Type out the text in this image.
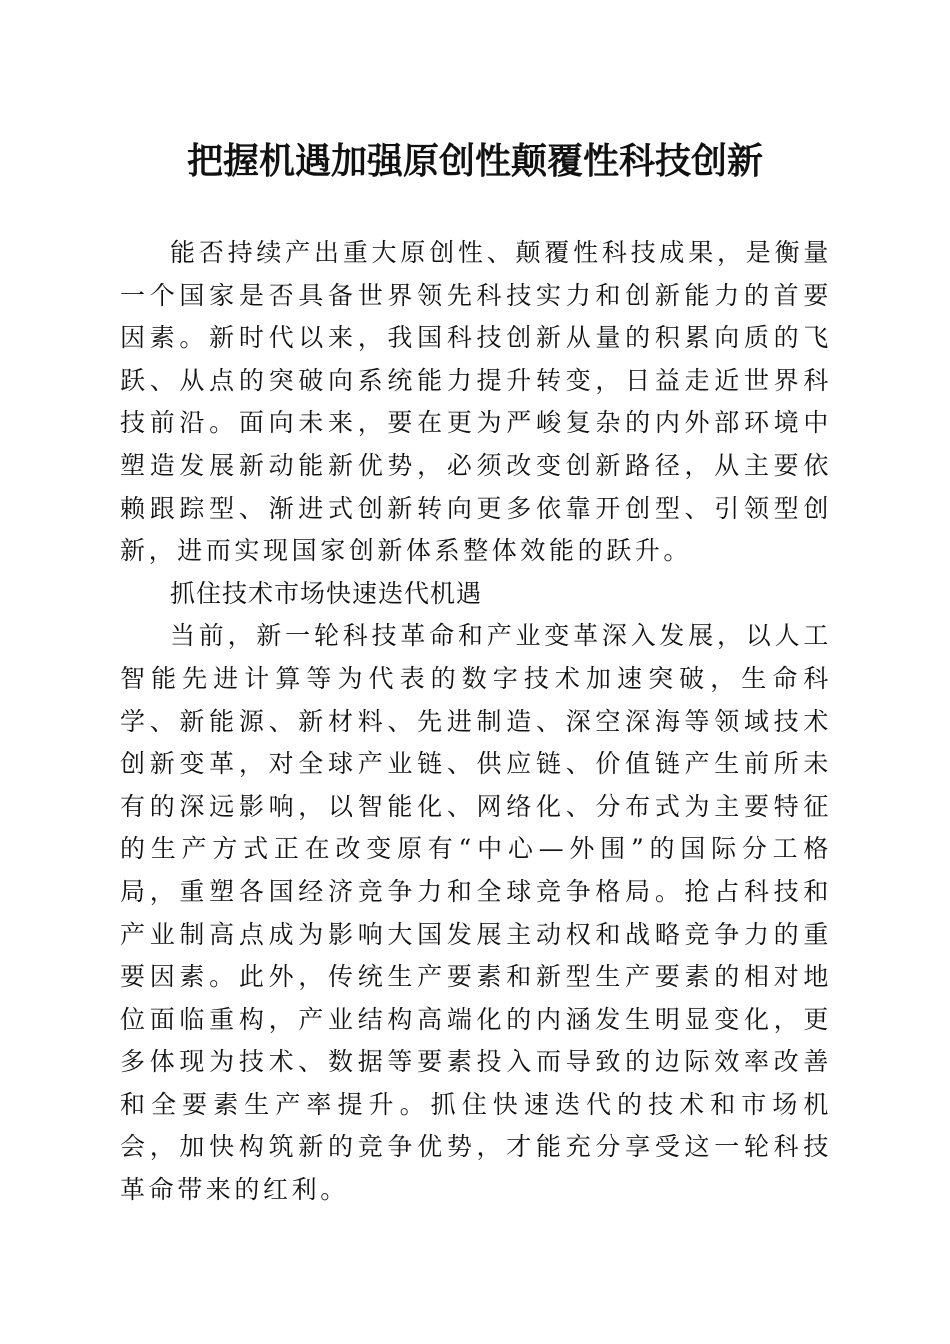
把握机遇加强原创性颠覆性科技创新

能否持续产出重大原创性、颠覆性科技成果，是衡量一个国家是否具备世界领先科技实力和创新能力的首要因素。新时代以来，我国科技创新从量的积累向质的飞跃、从点的突破向系统能力提升转变，日益走近世界科技前沿。面向未来，要在更为严峻复杂的内外部环境中塑造发展新动能新优势，必须改变创新路径，从主要依赖跟踪型、渐进式创新转向更多依靠开创型、引领型创新，进而实现国家创新体系整体效能的跃升。

抓住技术市场快速迭代机遇

当前，新一轮科技革命和产业变革深入发展，以人工智能先进计算等为代表的数字技术加速突破，生命科学、新能源、新材料、先进制造、深空深海等领域技术创新变革，对全球产业链、供应链、价值链产生前所未有的深远影响，以智能化、网络化、分布式为主要特征的生产方式正在改变原有“中心—外围”的国际分工格局，重塑各国经济竞争力和全球竞争格局。抢占科技和产业制高点成为影响大国发展主动权和战略竞争力的重要因素。此外，传统生产要素和新型生产要素的相对地位面临重构，产业结构高端化的内涵发生明显变化，更多体现为技术、数据等要素投入而导致的边际效率改善和全要素生产率提升。抓住快速迭代的技术和市场机会，加快构筑新的竞争优势，才能充分享受这一轮科技革命带来的红利。
